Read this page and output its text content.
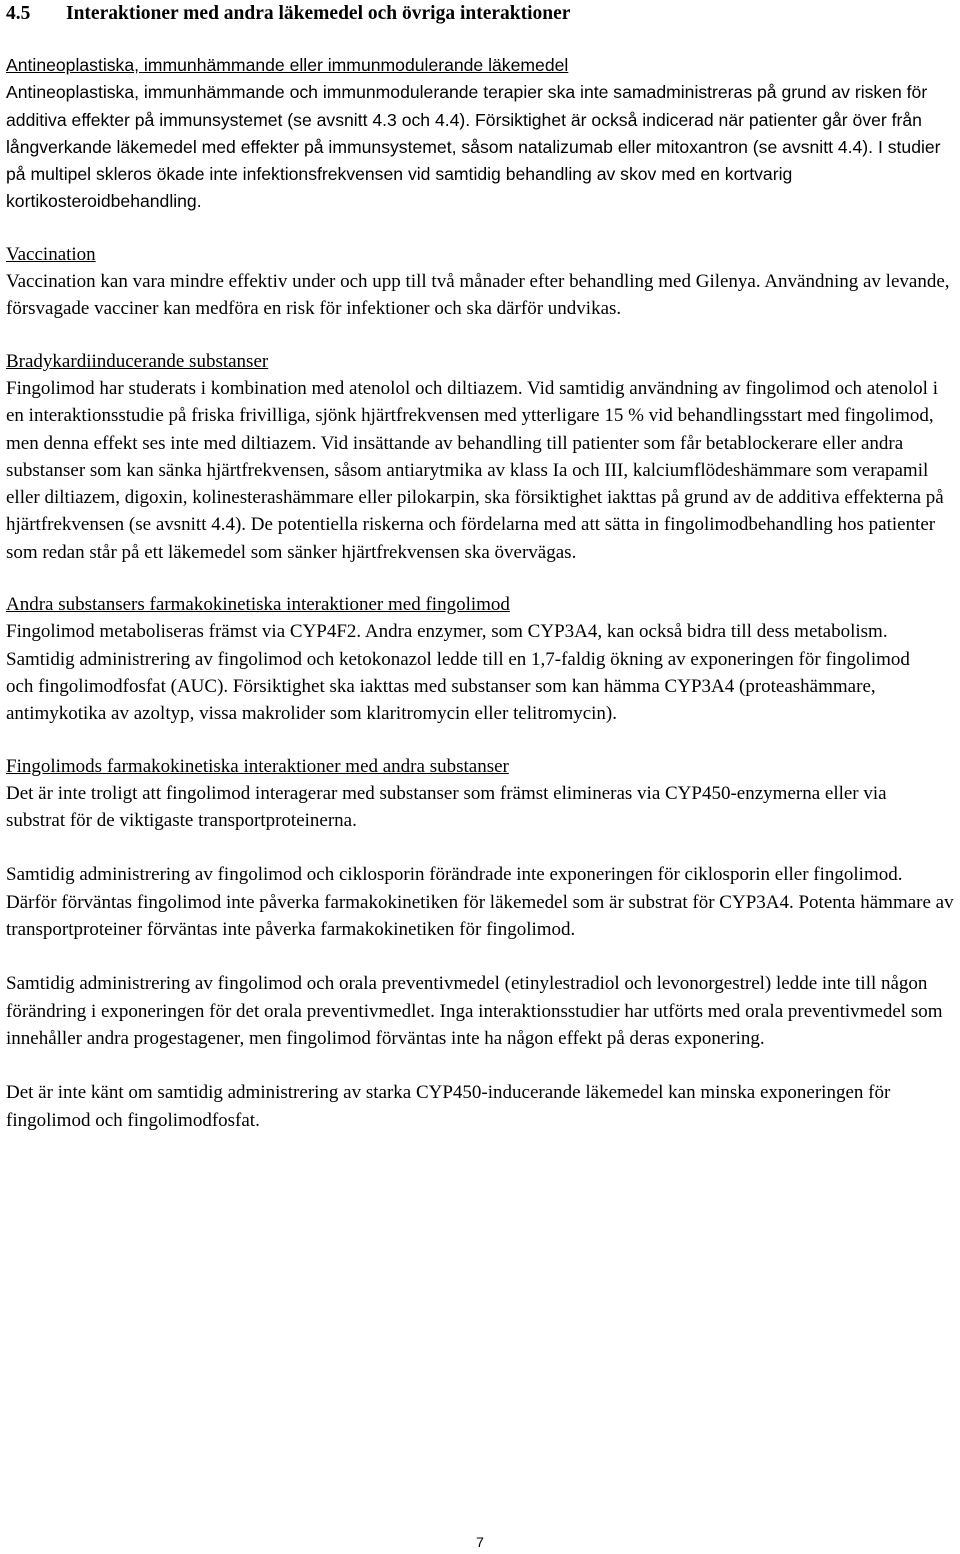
4.5 Interaktioner med andra läkemedel och övriga interaktioner
Antineoplastiska, immunhämmande eller immunmodulerande läkemedel

Antineoplastiska, immunhämmande och immunmodulerande terapier ska inte samadministreras på grund av risken för additiva effekter på immunsystemet (se avsnitt 4.3 och 4.4). Försiktighet är också indicerad när patienter går över från långverkande läkemedel med effekter på immunsystemet, såsom natalizumab eller mitoxantron (se avsnitt 4.4). I studier på multipel skleros ökade inte infektionsfrekvensen vid samtidig behandling av skov med en kortvarig kortikosteroidbehandling.

Vaccination

Vaccination kan vara mindre effektiv under och upp till två månader efter behandling med Gilenya. Användning av levande, försvagade vacciner kan medföra en risk för infektioner och ska därför undvikas.

Bradykardiinducerande substanser

Fingolimod har studerats i kombination med atenolol och diltiazem. Vid samtidig användning av fingolimod och atenolol i en interaktionsstudie på friska frivilliga, sjönk hjärtfrekvensen med ytterligare 15 % vid behandlingsstart med fingolimod, men denna effekt ses inte med diltiazem. Vid insättande av behandling till patienter som får betablockerare eller andra substanser som kan sänka hjärtfrekvensen, såsom antiarytmika av klass Ia och III, kalciumflödeshämmare som verapamil eller diltiazem, digoxin, kolinesterashämmare eller pilokarpin, ska försiktighet iakttas på grund av de additiva effekterna på hjärtfrekvensen (se avsnitt 4.4). De potentiella riskerna och fördelarna med att sätta in fingolimodbehandling hos patienter som redan står på ett läkemedel som sänker hjärtfrekvensen ska övervägas.

Andra substansers farmakokinetiska interaktioner med fingolimod

Fingolimod metaboliseras främst via CYP4F2. Andra enzymer, som CYP3A4, kan också bidra till dess metabolism. Samtidig administrering av fingolimod och ketokonazol ledde till en 1,7-faldig ökning av exponeringen för fingolimod och fingolimodfosfat (AUC). Försiktighet ska iakttas med substanser som kan hämma CYP3A4 (proteashämmare, antimykotika av azoltyp, vissa makrolider som klaritromycin eller telitromycin).

Fingolimods farmakokinetiska interaktioner med andra substanser

Det är inte troligt att fingolimod interagerar med substanser som främst elimineras via CYP450-enzymerna eller via substrat för de viktigaste transportproteinerna.

Samtidig administrering av fingolimod och ciklosporin förändrade inte exponeringen för ciklosporin eller fingolimod. Därför förväntas fingolimod inte påverka farmakokinetiken för läkemedel som är substrat för CYP3A4. Potenta hämmare av transportproteiner förväntas inte påverka farmakokinetiken för fingolimod.

Samtidig administrering av fingolimod och orala preventivmedel (etinylestradiol och levonorgestrel) ledde inte till någon förändring i exponeringen för det orala preventivmedlet. Inga interaktionsstudier har utförts med orala preventivmedel som innehåller andra progestagener, men fingolimod förväntas inte ha någon effekt på deras exponering.

Det är inte känt om samtidig administrering av starka CYP450-inducerande läkemedel kan minska exponeringen för fingolimod och fingolimodfosfat.

7
